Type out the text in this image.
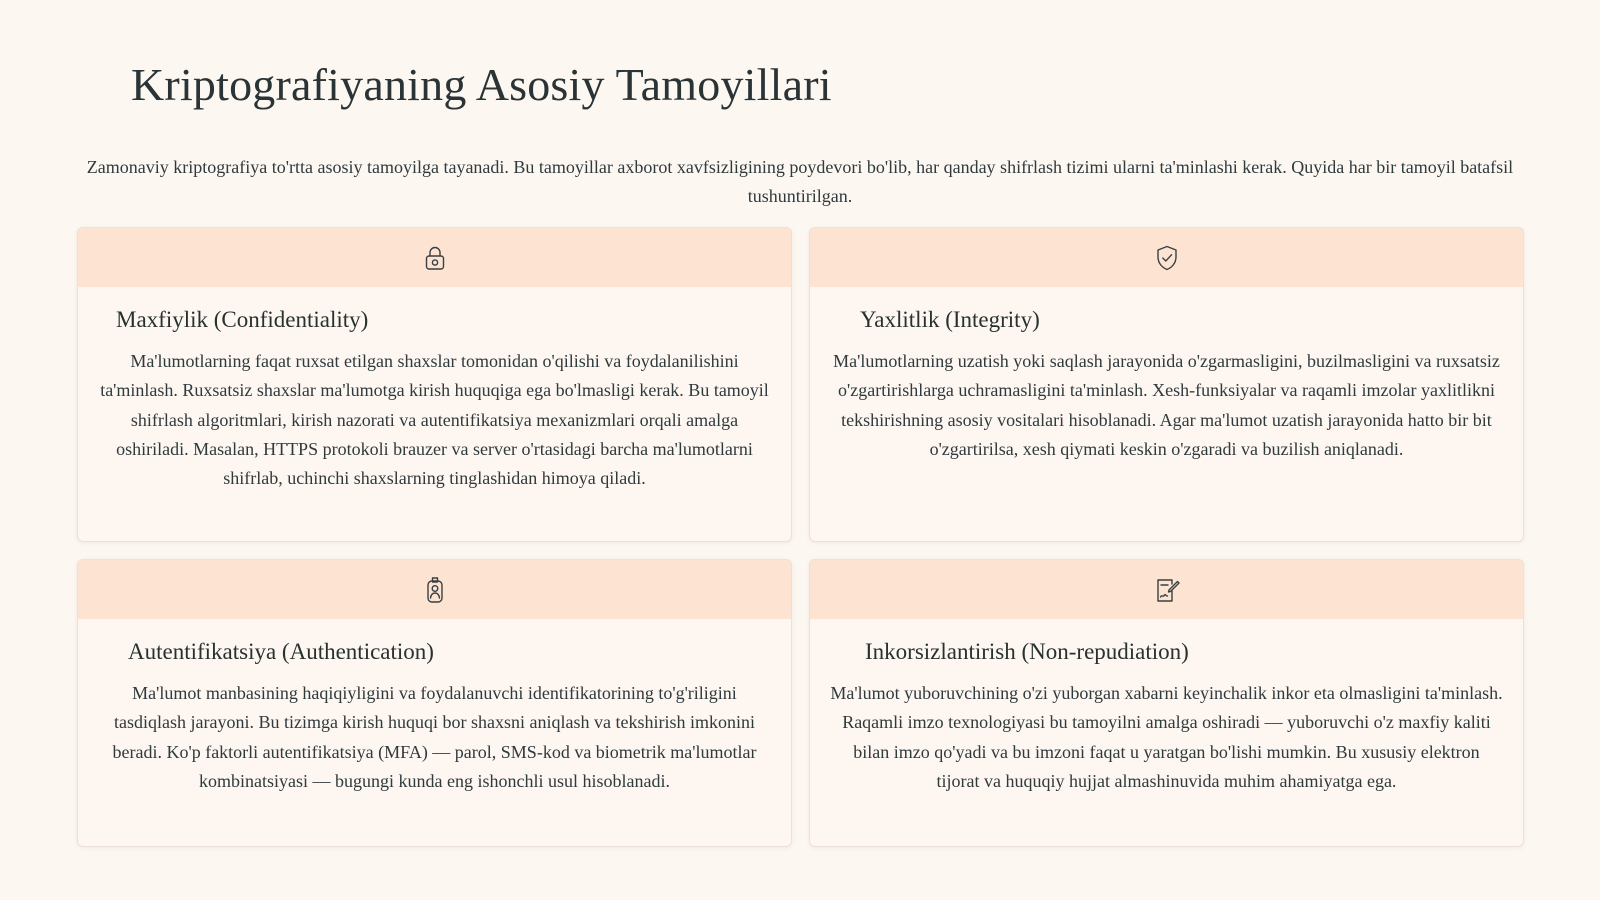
Kriptografiyaning Asosiy Tamoyillari

Zamonaviy kriptografiya to'rtta asosiy tamoyilga tayanadi. Bu tamoyillar axborot xavfsizligining poydevori bo'lib, har qanday shifrlash tizimi ularni ta'minlashi kerak. Quyida har bir tamoyil batafsil tushuntirilgan.

Maxfiylik (Confidentiality)

Ma'lumotlarning faqat ruxsat etilgan shaxslar tomonidan o'qilishi va foydalanilishini ta'minlash. Ruxsatsiz shaxslar ma'lumotga kirish huquqiga ega bo'lmasligi kerak. Bu tamoyil shifrlash algoritmlari, kirish nazorati va autentifikatsiya mexanizmlari orqali amalga oshiriladi. Masalan, HTTPS protokoli brauzer va server o'rtasidagi barcha ma'lumotlarni shifrlab, uchinchi shaxslarning tinglashidan himoya qiladi.

Yaxlitlik (Integrity)

Ma'lumotlarning uzatish yoki saqlash jarayonida o'zgarmasligini, buzilmasligini va ruxsatsiz o'zgartirishlarga uchramasligini ta'minlash. Xesh-funksiyalar va raqamli imzolar yaxlitlikni tekshirishning asosiy vositalari hisoblanadi. Agar ma'lumot uzatish jarayonida hatto bir bit o'zgartirilsa, xesh qiymati keskin o'zgaradi va buzilish aniqlanadi.

Autentifikatsiya (Authentication)

Ma'lumot manbasining haqiqiyligini va foydalanuvchi identifikatorining to'g'riligini tasdiqlash jarayoni. Bu tizimga kirish huquqi bor shaxsni aniqlash va tekshirish imkonini beradi. Ko'p faktorli autentifikatsiya (MFA) — parol, SMS-kod va biometrik ma'lumotlar kombinatsiyasi — bugungi kunda eng ishonchli usul hisoblanadi.

Inkorsizlantirish (Non-repudiation)

Ma'lumot yuboruvchining o'zi yuborgan xabarni keyinchalik inkor eta olmasligini ta'minlash. Raqamli imzo texnologiyasi bu tamoyilni amalga oshiradi — yuboruvchi o'z maxfiy kaliti bilan imzo qo'yadi va bu imzoni faqat u yaratgan bo'lishi mumkin. Bu xususiy elektron tijorat va huquqiy hujjat almashinuvida muhim ahamiyatga ega.
